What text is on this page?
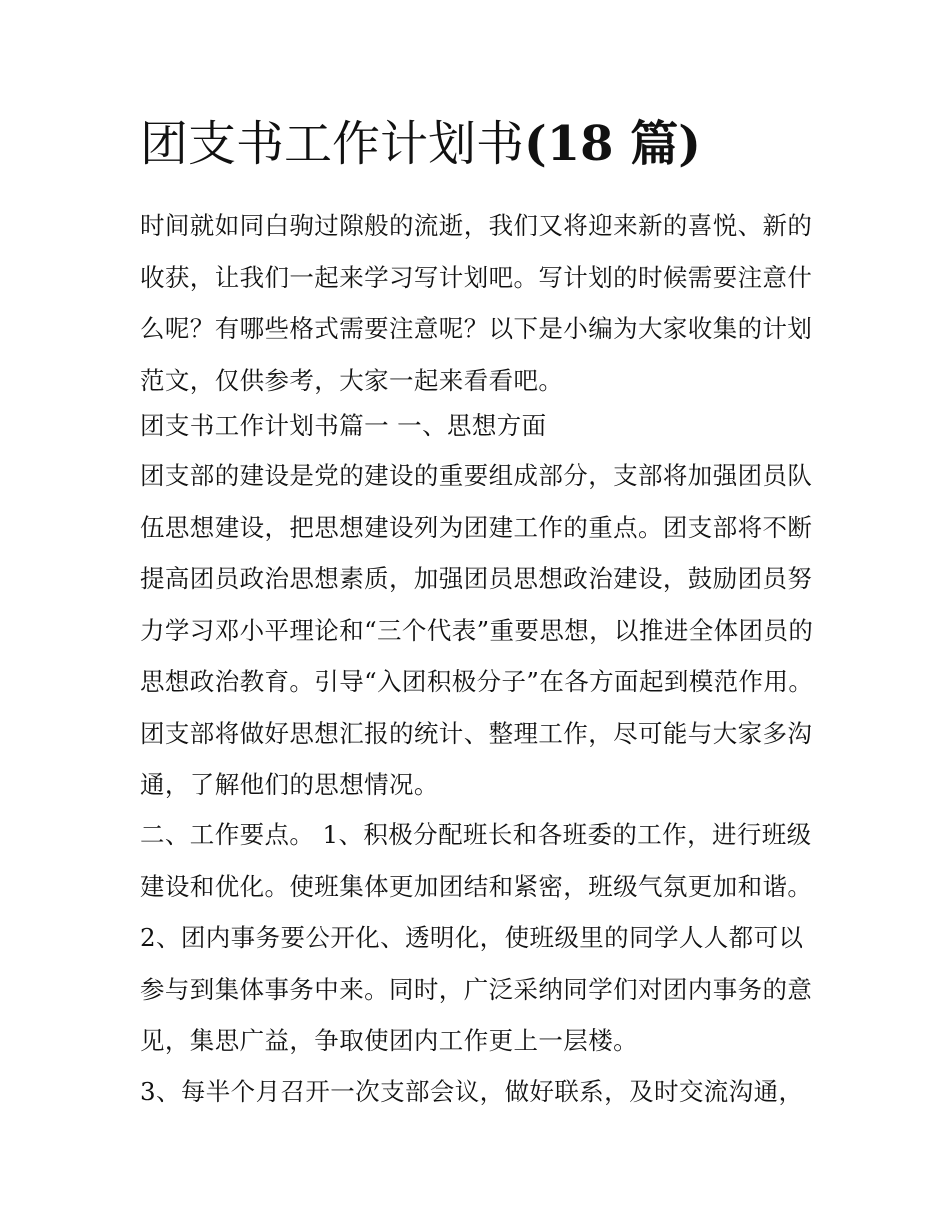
团支书工作计划书(18 篇)

时间就如同白驹过隙般的流逝，我们又将迎来新的喜悦、新的
收获，让我们一起来学习写计划吧。写计划的时候需要注意什
么呢？有哪些格式需要注意呢？以下是小编为大家收集的计划
范文，仅供参考，大家一起来看看吧。

团支书工作计划书篇一 一、思想方面

团支部的建设是党的建设的重要组成部分，支部将加强团员队
伍思想建设，把思想建设列为团建工作的重点。团支部将不断
提高团员政治思想素质，加强团员思想政治建设，鼓励团员努
力学习邓小平理论和“三个代表”重要思想，以推进全体团员的
思想政治教育。引导“入团积极分子”在各方面起到模范作用。
团支部将做好思想汇报的统计、整理工作，尽可能与大家多沟
通，了解他们的思想情况。

二、工作要点。 1、积极分配班长和各班委的工作，进行班级
建设和优化。使班集体更加团结和紧密，班级气氛更加和谐。
2、团内事务要公开化、透明化，使班级里的同学人人都可以
参与到集体事务中来。同时，广泛采纳同学们对团内事务的意
见，集思广益，争取使团内工作更上一层楼。

3、每半个月召开一次支部会议，做好联系，及时交流沟通，
